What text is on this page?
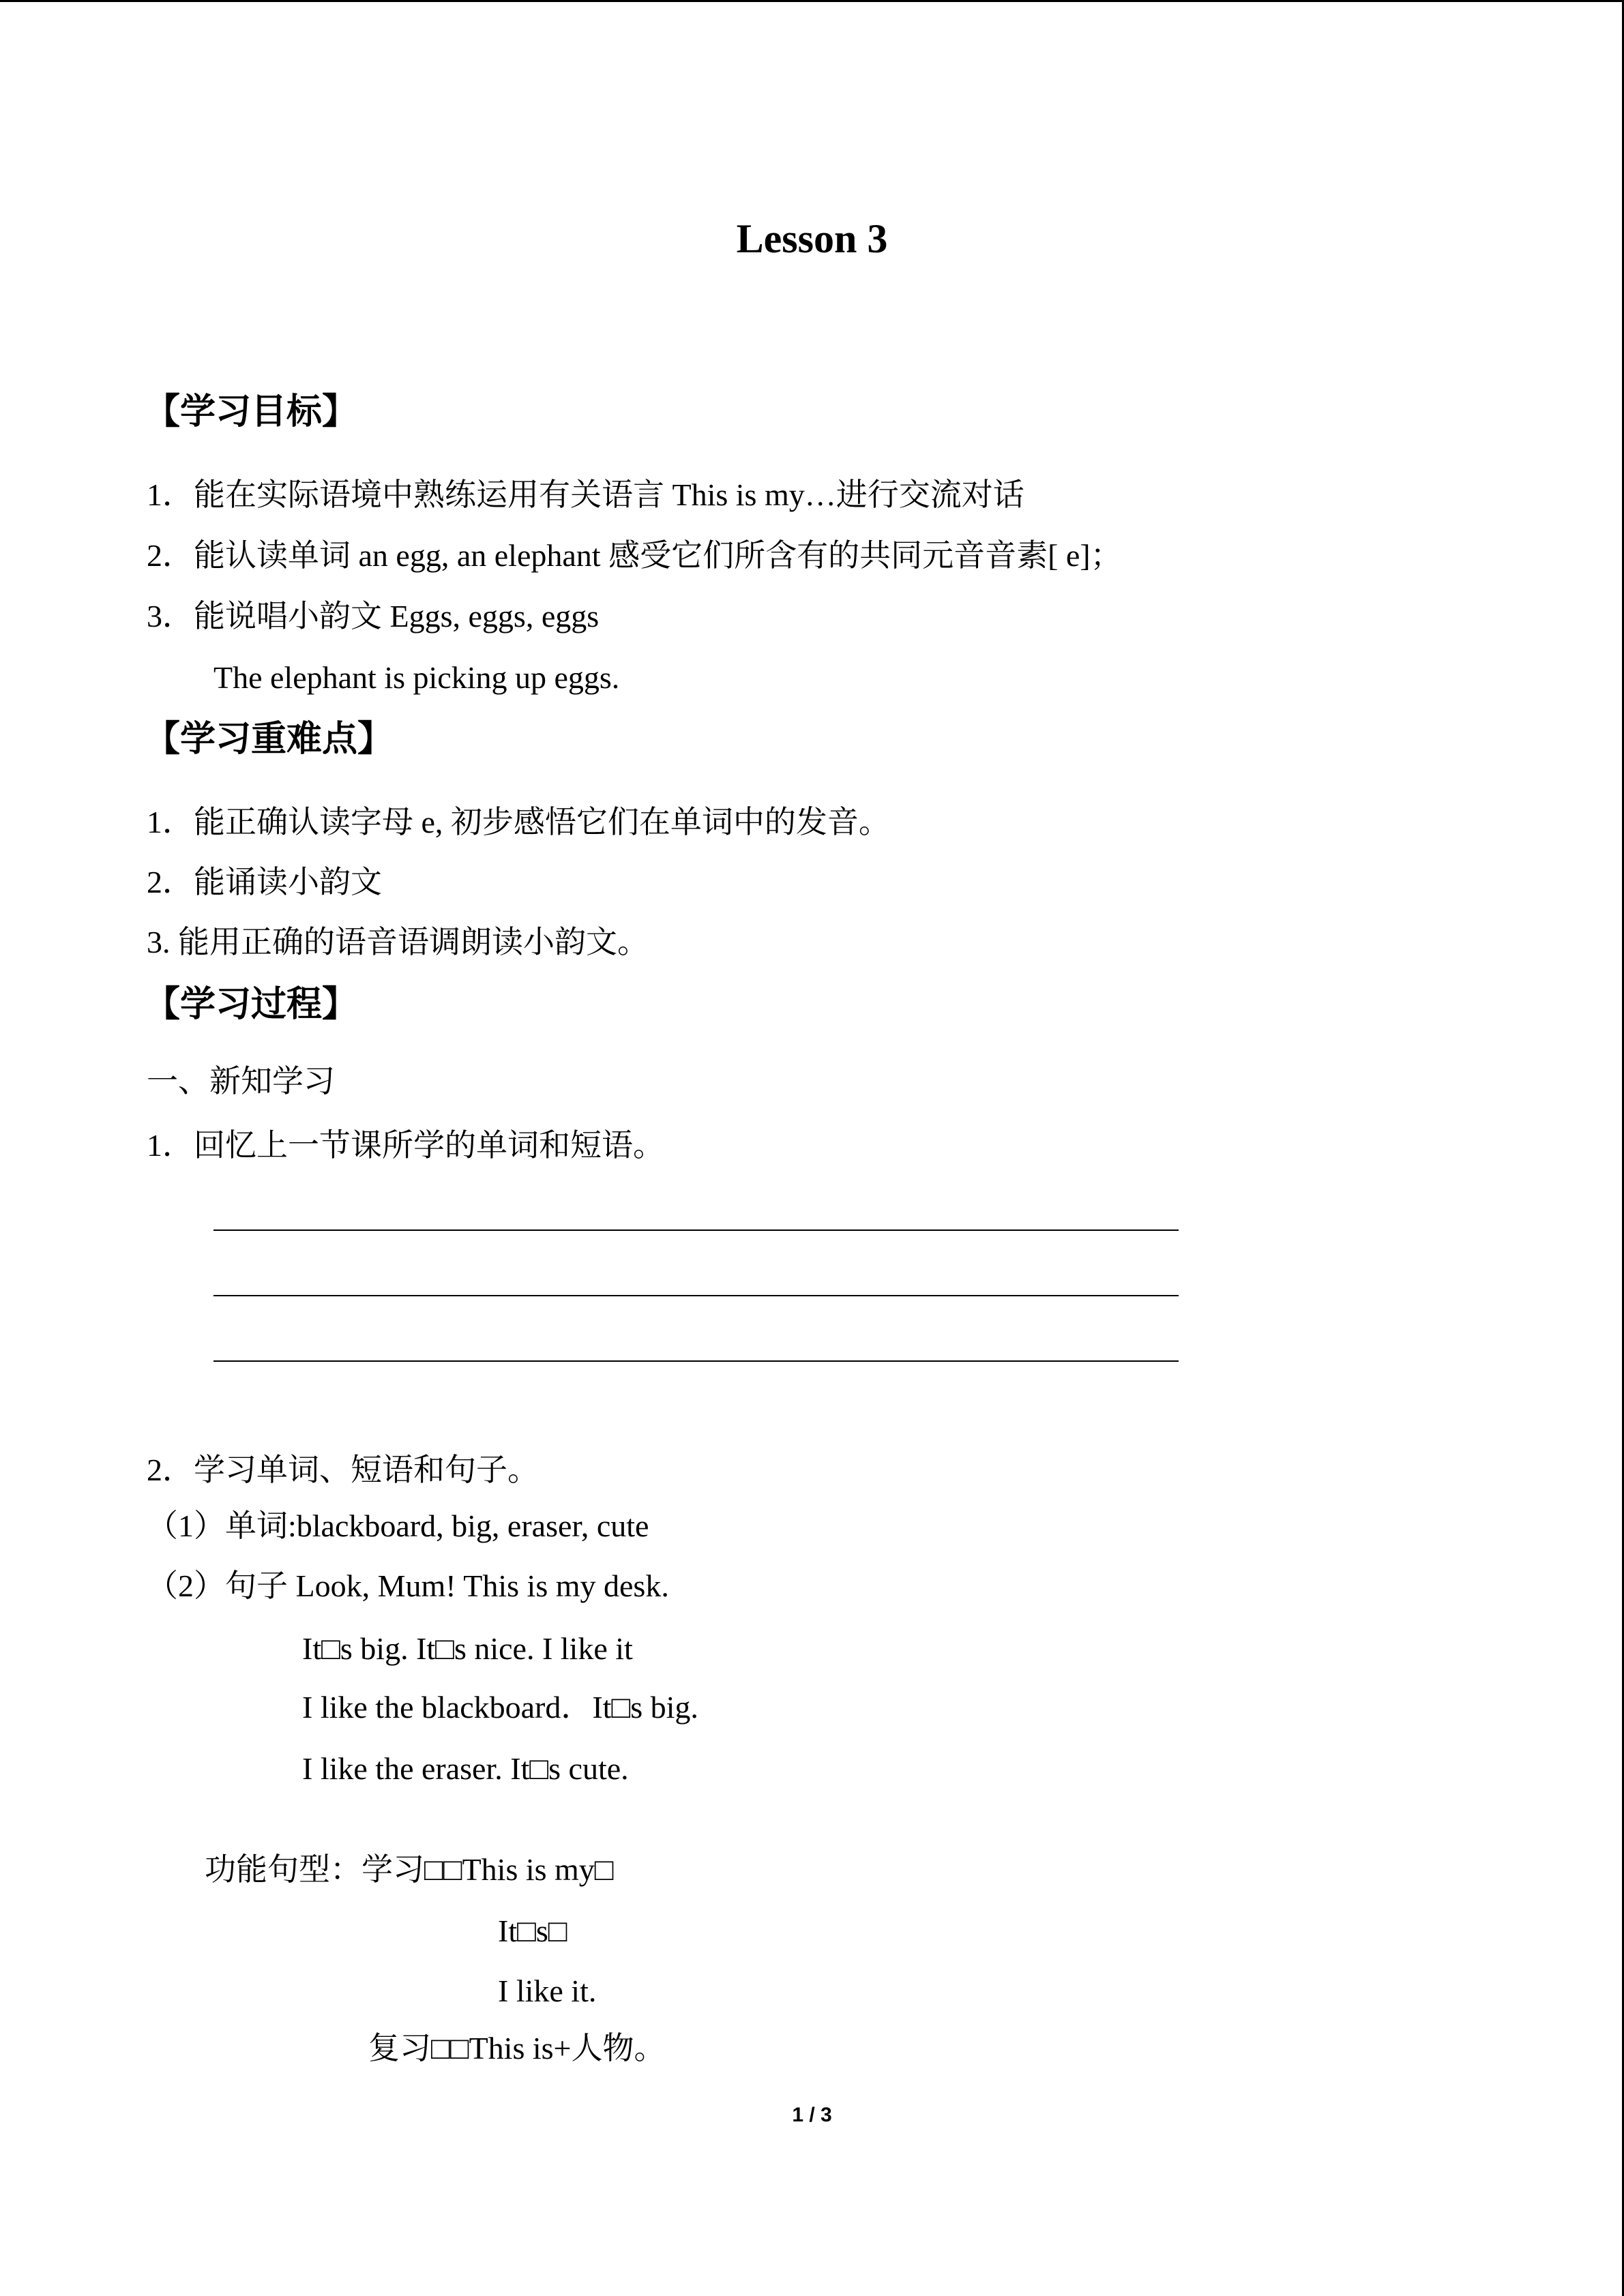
Lesson 3
【学习目标】
1．能在实际语境中熟练运用有关语言 This is my…进行交流对话
2．能认读单词 an egg, an elephant 感受它们所含有的共同元音音素[ e]；
3．能说唱小韵文 Eggs, eggs, eggs
The elephant is picking up eggs.
【学习重难点】
1．能正确认读字母 e, 初步感悟它们在单词中的发音。
2．能诵读小韵文
3. 能用正确的语音语调朗读小韵文。
【学习过程】
一、新知学习
1．回忆上一节课所学的单词和短语。
2．学习单词、短语和句子。
（1）单词:blackboard, big, eraser, cute
（2）句子 Look, Mum! This is my desk.
It□s big. It□s nice. I like it
I like the blackboard．It□s big.
I like the eraser. It□s cute.
功能句型：学习□□This is my□
It□s□
I like it.
复习□□This is+人物。
1 / 3
